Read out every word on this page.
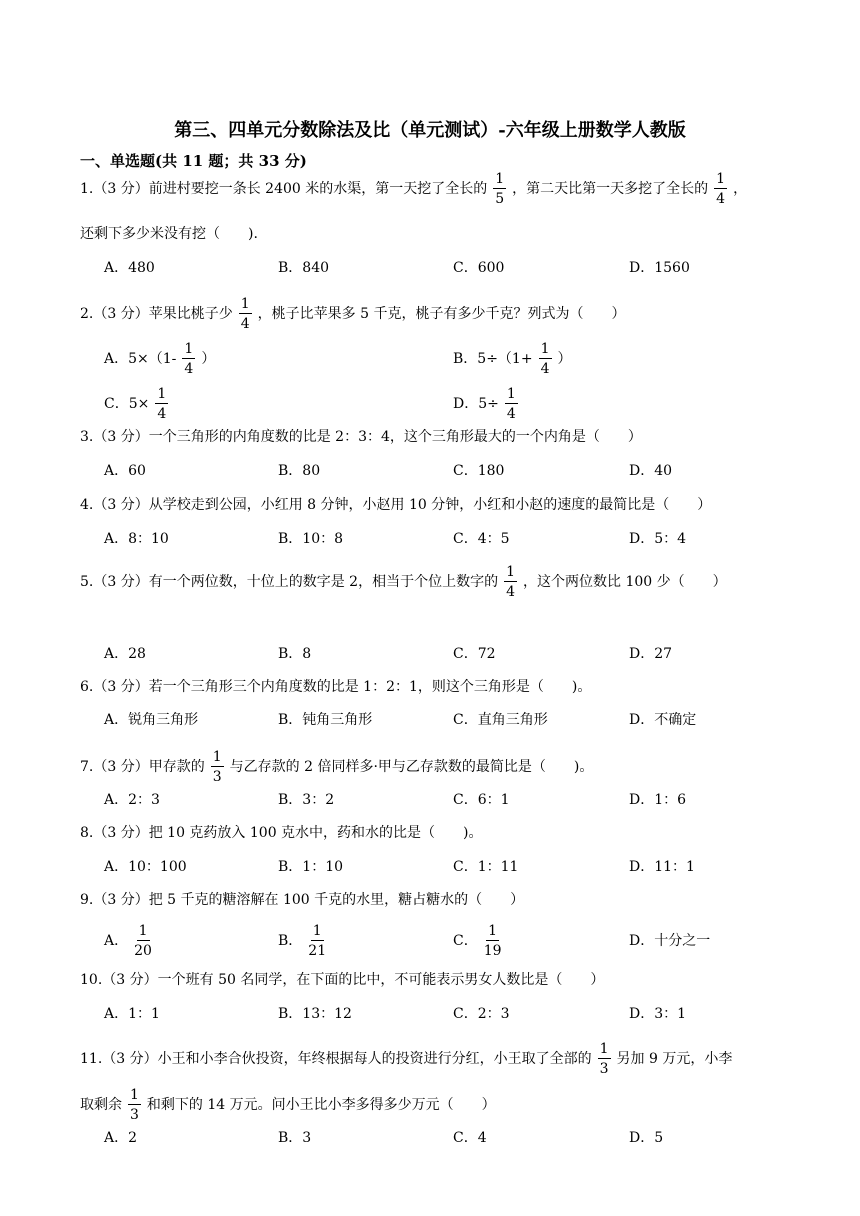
第三、四单元分数除法及比（单元测试）-六年级上册数学人教版
一、单选题(共 11 题；共 33 分)
1.（3 分）前进村要挖一条长 2400 米的水渠，第一天挖了全长的 $\frac{1}{5}$ ，第二天比第一天多挖了全长的 $\frac{1}{4}$ ，
还剩下多少米没有挖（　　).
A．480	B．840	C．600	D．1560
2.（3 分）苹果比桃子少 $\frac{1}{4}$ ，桃子比苹果多 5 千克，桃子有多少千克？列式为（　　）
A．$5\times(1- \frac{1}{4}$ ）	B．$5\div(1+ \frac{1}{4}$ ）
C．$5\times \frac{1}{4}$	D．$5\div \frac{1}{4}$
3.（3 分）一个三角形的内角度数的比是 2：3：4，这个三角形最大的一个内角是（　　）
A．60	B．80	C．180	D．40
4.（3 分）从学校走到公园，小红用 8 分钟，小赵用 10 分钟，小红和小赵的速度的最简比是（　　）
A．8：10	B．10：8	C．4：5	D．5：4
5.（3 分）有一个两位数，十位上的数字是 2，相当于个位上数字的 $\frac{1}{4}$ ，这个两位数比 100 少（　　）
A．28	B．8	C．72	D．27
6.（3 分）若一个三角形三个内角度数的比是 1：2：1，则这个三角形是（　　)。
A．锐角三角形	B．钝角三角形	C．直角三角形	D．不确定
7.（3 分）甲存款的 $\frac{1}{3}$ 与乙存款的 2 倍同样多·甲与乙存款数的最简比是（　　)。
A．2：3	B．3：2	C．6：1	D．1：6
8.（3 分）把 10 克药放入 100 克水中，药和水的比是（　　)。
A．10：100	B．1：10	C．1：11	D．11：1
9.（3 分）把 5 千克的糖溶解在 100 千克的水里，糖占糖水的（　　）
A． $\frac{1}{20}$	B． $\frac{1}{21}$	C． $\frac{1}{19}$	D．十分之一
10.（3 分）一个班有 50 名同学，在下面的比中，不可能表示男女人数比是（　　）
A．1：1	B．13：12	C．2：3	D．3：1
11.（3 分）小王和小李合伙投资，年终根据每人的投资进行分红，小王取了全部的 $\frac{1}{3}$ 另加 9 万元，小李
取剩余 $\frac{1}{3}$ 和剩下的 14 万元。问小王比小李多得多少万元（　　）
A．2	B．3	C．4	D．5
